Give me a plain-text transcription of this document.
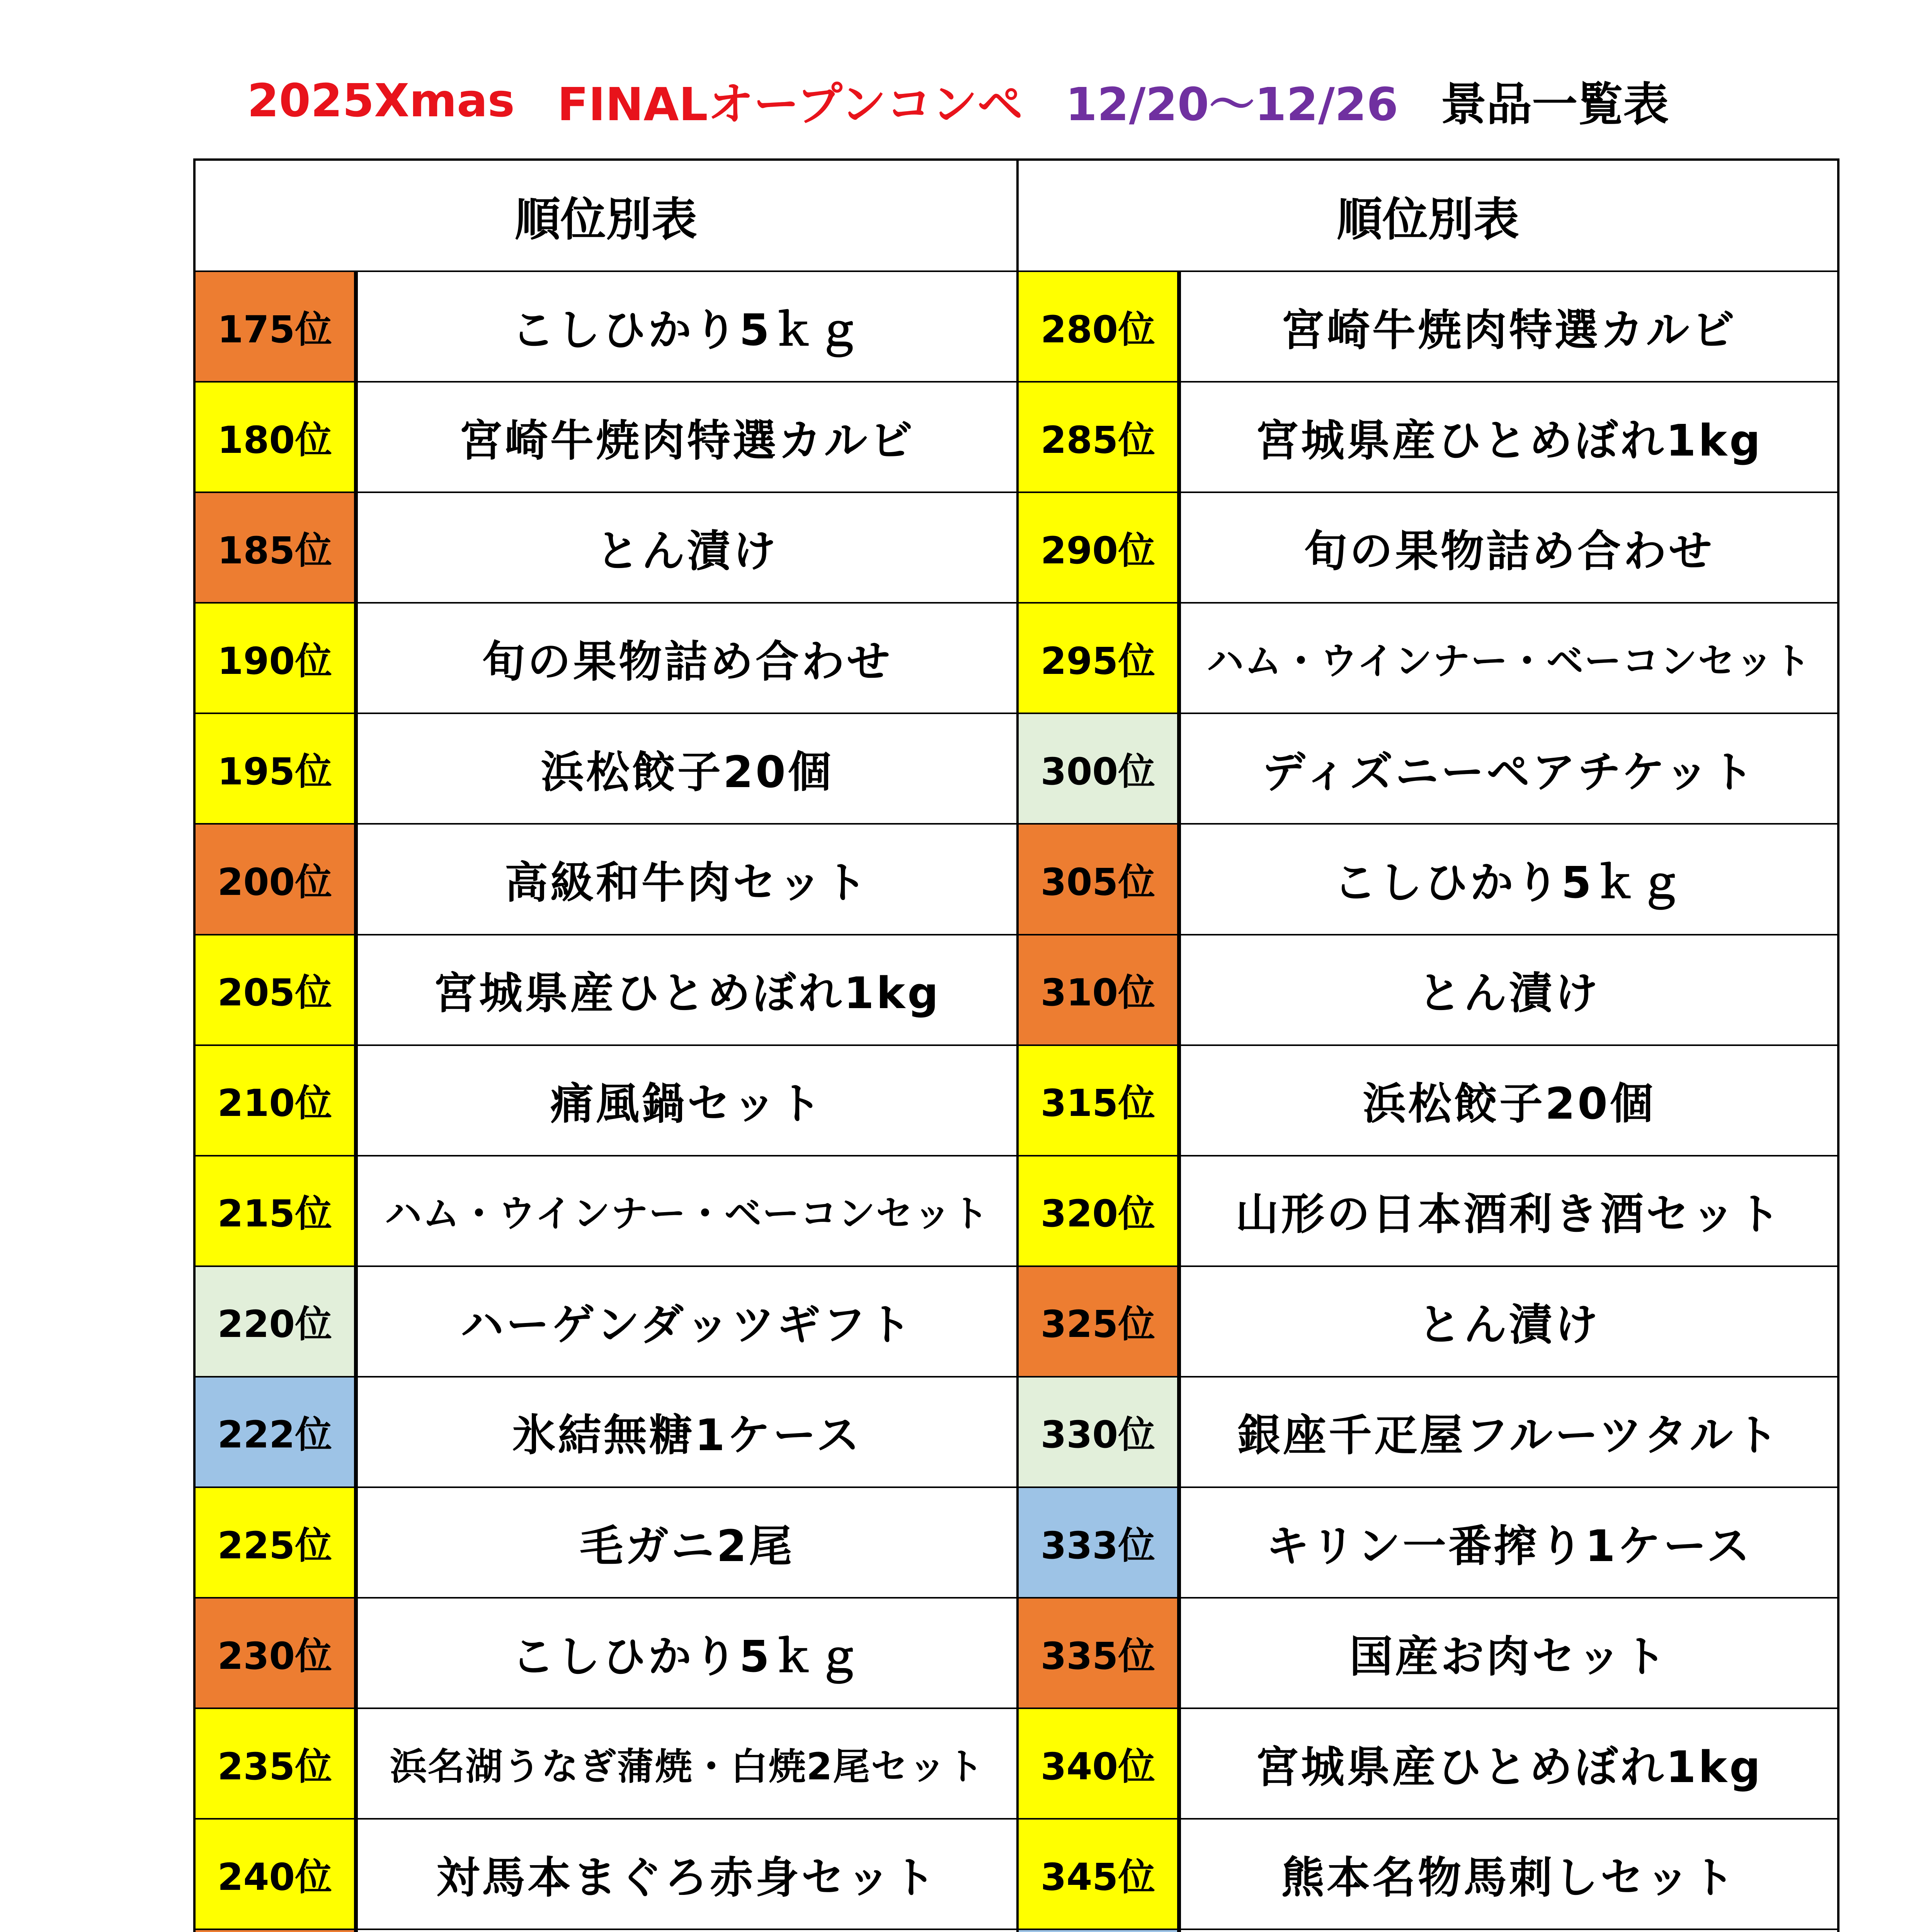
2025Xmas FINALオープンコンペ 12/20〜12/26 景品一覧表
順位別表
175位	こしひかり5ｋｇ
180位	宮崎牛焼肉特選カルビ
185位	とん漬け
190位	旬の果物詰め合わせ
195位	浜松餃子20個
200位	高級和牛肉セット
205位	宮城県産ひとめぼれ1kg
210位	痛風鍋セット
215位	ハム・ウインナー・ベーコンセット
220位	ハーゲンダッツギフト
222位	氷結無糖1ケース
225位	毛ガニ2尾
230位	こしひかり5ｋｇ
235位	浜名湖うなぎ蒲焼・白焼2尾セット
240位	対馬本まぐろ赤身セット
順位別表
280位	宮崎牛焼肉特選カルビ
285位	宮城県産ひとめぼれ1kg
290位	旬の果物詰め合わせ
295位	ハム・ウインナー・ベーコンセット
300位	ディズニーペアチケット
305位	こしひかり5ｋｇ
310位	とん漬け
315位	浜松餃子20個
320位	山形の日本酒利き酒セット
325位	とん漬け
330位	銀座千疋屋フルーツタルト
333位	キリン一番搾り1ケース
335位	国産お肉セット
340位	宮城県産ひとめぼれ1kg
345位	熊本名物馬刺しセット
